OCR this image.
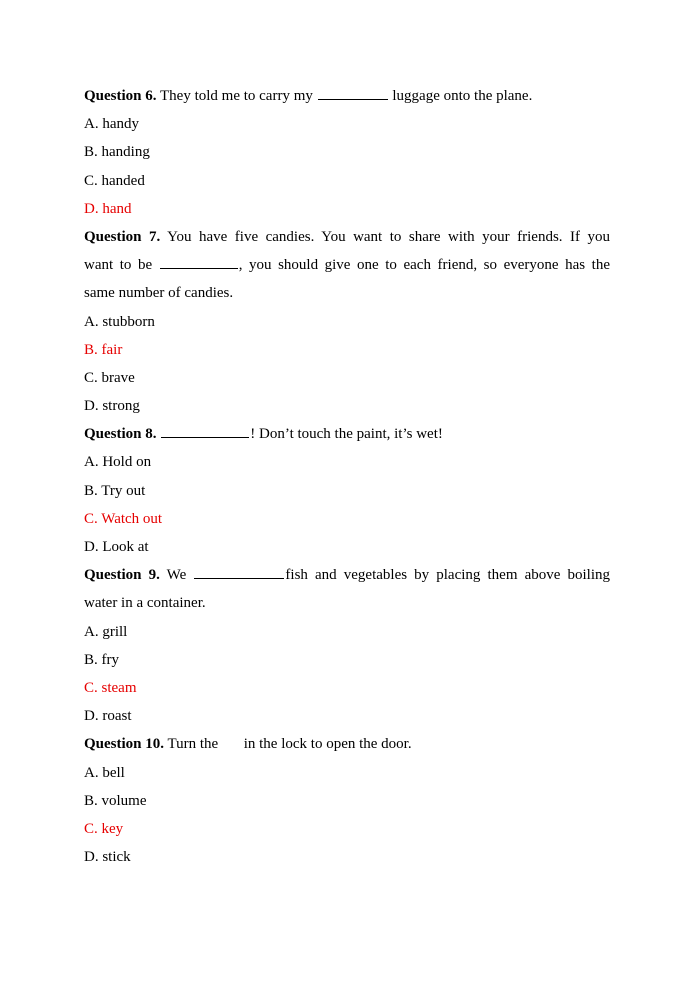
Question 6. They told me to carry my	luggage onto the plane.
A. handy
B. handing
C. handed
D. hand
Question 7. You have five candies. You want to share with your friends. If you
want to be	, you should give one to each friend, so everyone has the
same number of candies.
A. stubborn
B. fair
C. brave
D. strong
Question 8.	! Don’t touch the paint, it’s wet!
A. Hold on
B. Try out
C. Watch out
D. Look at
Question 9. We	fish and vegetables by placing them above boiling
water in a container.
A. grill
B. fry
C. steam
D. roast
Question 10. Turn the  in the lock to open the door.
A. bell
B. volume
C. key
D. stick
